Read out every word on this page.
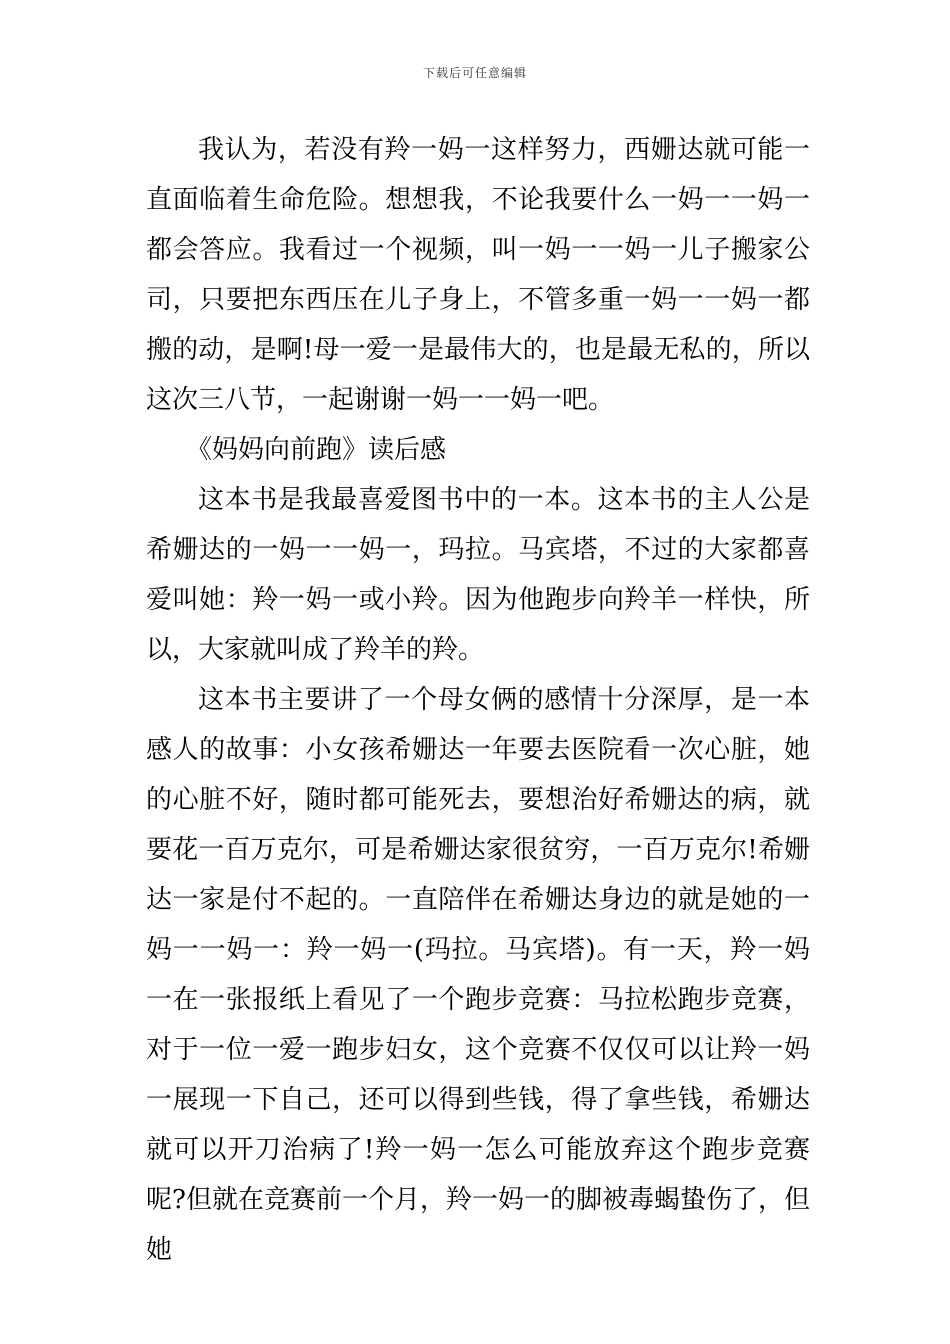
下载后可任意编辑

我认为，若没有羚一妈一这样努力，西姗达就可能一直面临着生命危险。想想我，不论我要什么一妈一一妈一都会答应。我看过一个视频，叫一妈一一妈一儿子搬家公司，只要把东西压在儿子身上，不管多重一妈一一妈一都搬的动，是啊!母一爱一是最伟大的，也是最无私的，所以这次三八节，一起谢谢一妈一一妈一吧。

《妈妈向前跑》读后感

这本书是我最喜爱图书中的一本。这本书的主人公是希姗达的一妈一一妈一，玛拉。马宾塔，不过的大家都喜爱叫她：羚一妈一或小羚。因为他跑步向羚羊一样快，所以，大家就叫成了羚羊的羚。

这本书主要讲了一个母女俩的感情十分深厚，是一本感人的故事：小女孩希姗达一年要去医院看一次心脏，她的心脏不好，随时都可能死去，要想治好希姗达的病，就要花一百万克尔，可是希姗达家很贫穷，一百万克尔!希姗达一家是付不起的。一直陪伴在希姗达身边的就是她的一妈一一妈一：羚一妈一(玛拉。马宾塔)。有一天，羚一妈一在一张报纸上看见了一个跑步竞赛：马拉松跑步竞赛，对于一位一爱一跑步妇女，这个竞赛不仅仅可以让羚一妈一展现一下自己，还可以得到些钱，得了拿些钱，希姗达就可以开刀治病了!羚一妈一怎么可能放弃这个跑步竞赛呢?但就在竞赛前一个月，羚一妈一的脚被毒蝎蛰伤了，但她
